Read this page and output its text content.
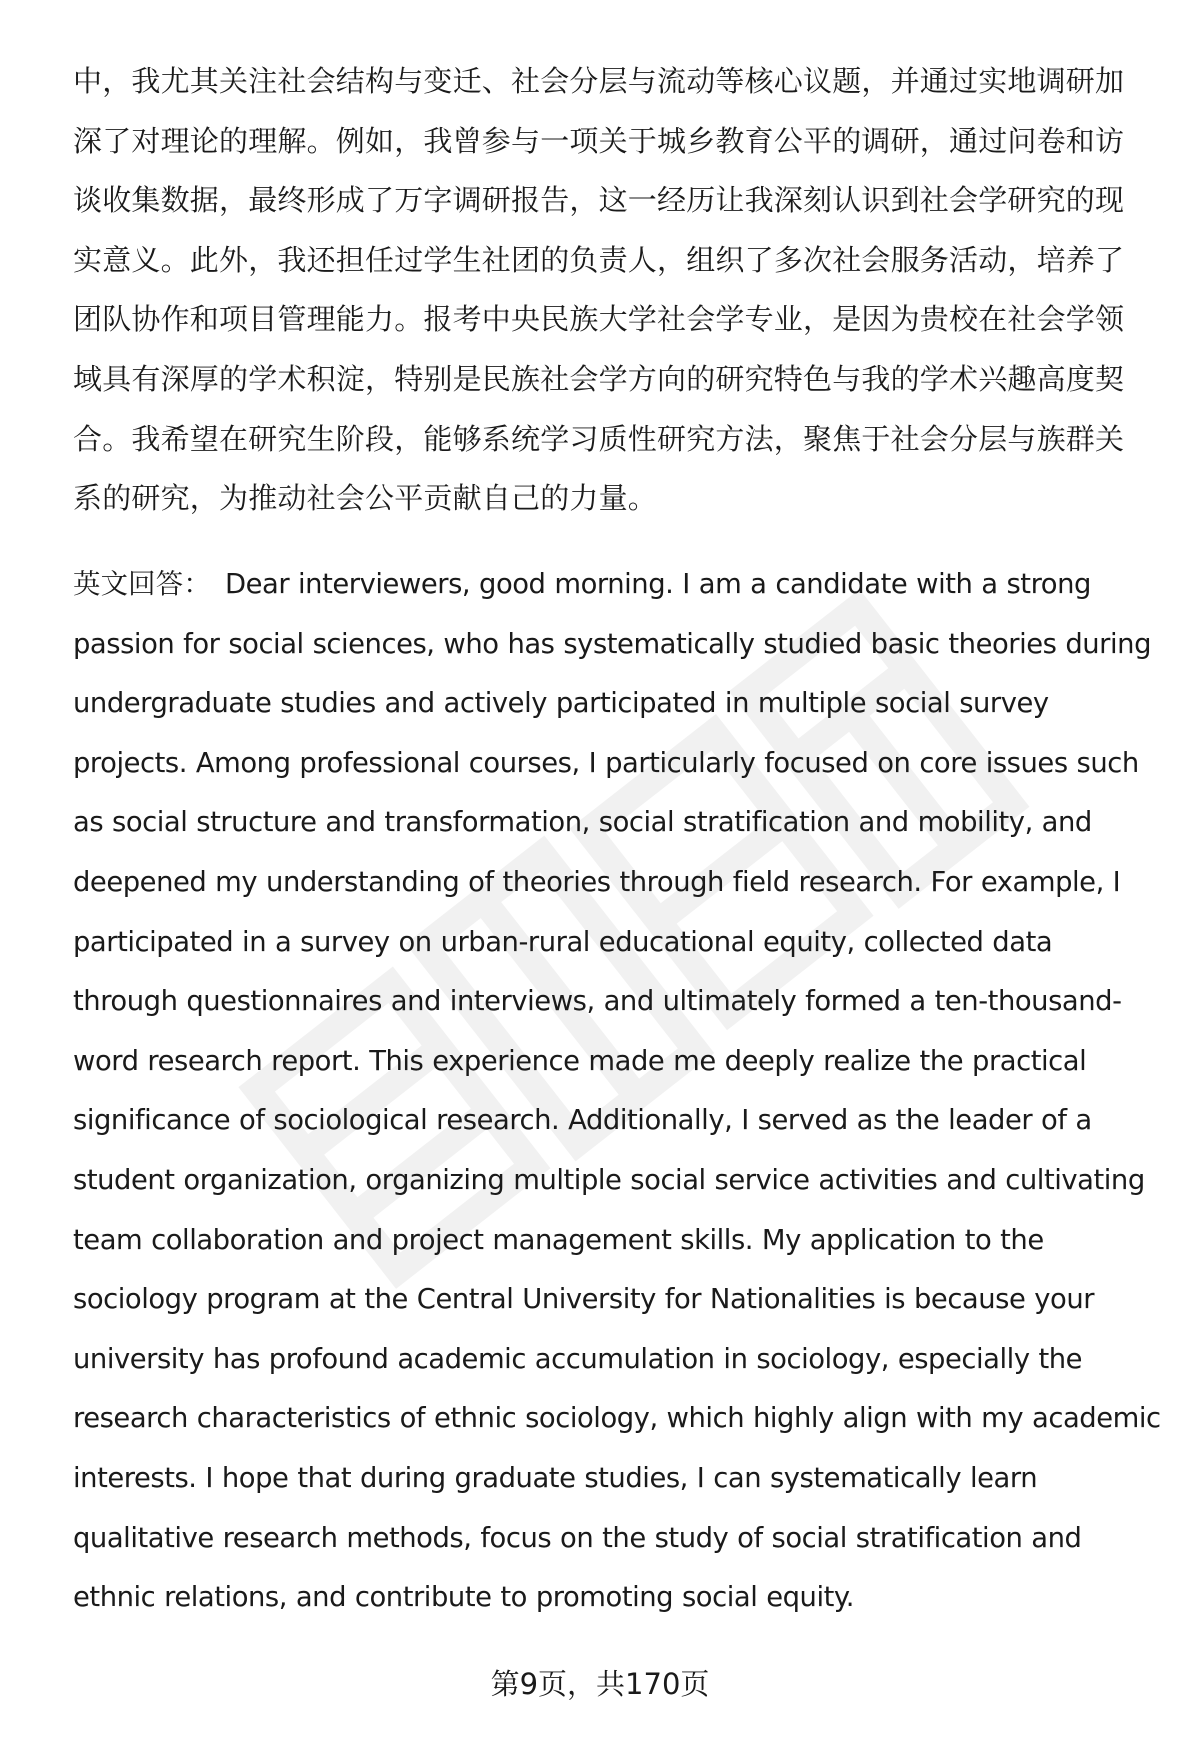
中，我尤其关注社会结构与变迁、社会分层与流动等核心议题，并通过实地调研加深了对理论的理解。例如，我曾参与一项关于城乡教育公平的调研，通过问卷和访谈收集数据，最终形成了万字调研报告，这一经历让我深刻认识到社会学研究的现实意义。此外，我还担任过学生社团的负责人，组织了多次社会服务活动，培养了团队协作和项目管理能力。报考中央民族大学社会学专业，是因为贵校在社会学领域具有深厚的学术积淀，特别是民族社会学方向的研究特色与我的学术兴趣高度契合。我希望在研究生阶段，能够系统学习质性研究方法，聚焦于社会分层与族群关系的研究，为推动社会公平贡献自己的力量。

英文回答： Dear interviewers, good morning. I am a candidate with a strong passion for social sciences, who has systematically studied basic theories during undergraduate studies and actively participated in multiple social survey projects. Among professional courses, I particularly focused on core issues such as social structure and transformation, social stratification and mobility, and deepened my understanding of theories through field research. For example, I participated in a survey on urban-rural educational equity, collected data through questionnaires and interviews, and ultimately formed a ten-thousand-word research report. This experience made me deeply realize the practical significance of sociological research. Additionally, I served as the leader of a student organization, organizing multiple social service activities and cultivating team collaboration and project management skills. My application to the sociology program at the Central University for Nationalities is because your university has profound academic accumulation in sociology, especially the research characteristics of ethnic sociology, which highly align with my academic interests. I hope that during graduate studies, I can systematically learn qualitative research methods, focus on the study of social stratification and ethnic relations, and contribute to promoting social equity.

第9页，共170页
